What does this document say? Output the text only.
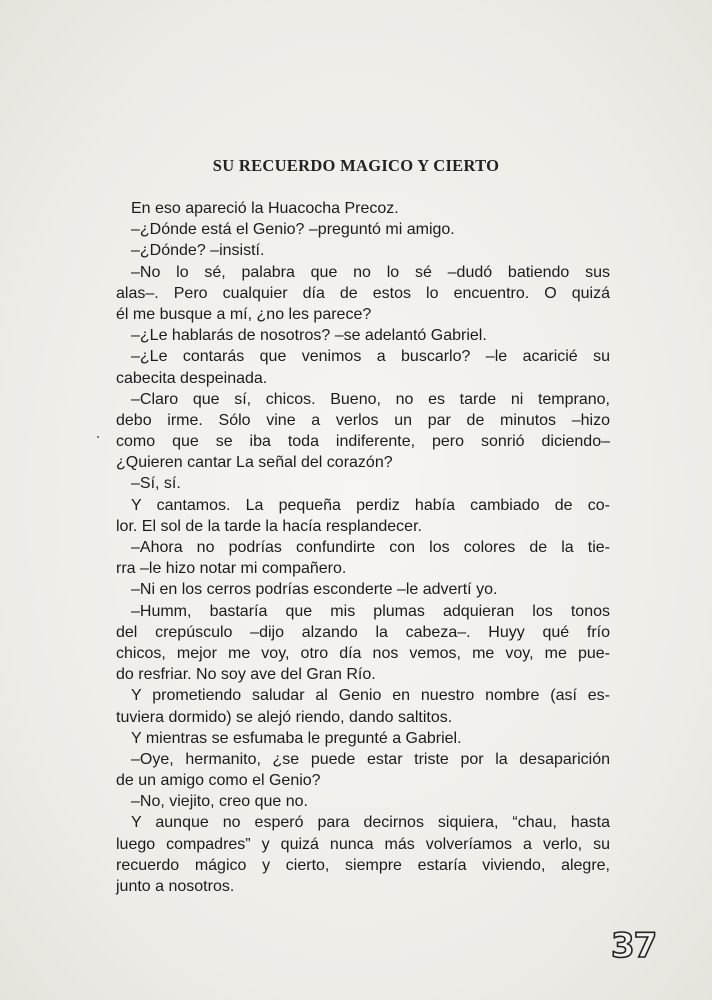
SU RECUERDO MAGICO Y CIERTO
En eso apareció la Huacocha Precoz.
–¿Dónde está el Genio? –preguntó mi amigo.
–¿Dónde? –insistí.
–No lo sé, palabra que no lo sé –dudó batiendo sus
alas–. Pero cualquier día de estos lo encuentro. O quizá
él me busque a mí, ¿no les parece?
–¿Le hablarás de nosotros? –se adelantó Gabriel.
–¿Le contarás que venimos a buscarlo? –le acaricié su
cabecita despeinada.
–Claro que sí, chicos. Bueno, no es tarde ni temprano,
debo irme. Sólo vine a verlos un par de minutos –hizo
como que se iba toda indiferente, pero sonrió diciendo–
¿Quieren cantar La señal del corazón?
–Sí, sí.
Y cantamos. La pequeña perdiz había cambiado de co-
lor. El sol de la tarde la hacía resplandecer.
–Ahora no podrías confundirte con los colores de la tie-
rra –le hizo notar mi compañero.
–Ni en los cerros podrías esconderte –le advertí yo.
–Humm, bastaría que mis plumas adquieran los tonos
del crepúsculo –dijo alzando la cabeza–. Huyy qué frío
chicos, mejor me voy, otro día nos vemos, me voy, me pue-
do resfriar. No soy ave del Gran Río.
Y prometiendo saludar al Genio en nuestro nombre (así es-
tuviera dormido) se alejó riendo, dando saltitos.
Y mientras se esfumaba le pregunté a Gabriel.
–Oye, hermanito, ¿se puede estar triste por la desaparición
de un amigo como el Genio?
–No, viejito, creo que no.
Y aunque no esperó para decirnos siquiera, “chau, hasta
luego compadres” y quizá nunca más volveríamos a verlo, su
recuerdo mágico y cierto, siempre estaría viviendo, alegre,
junto a nosotros.
37
